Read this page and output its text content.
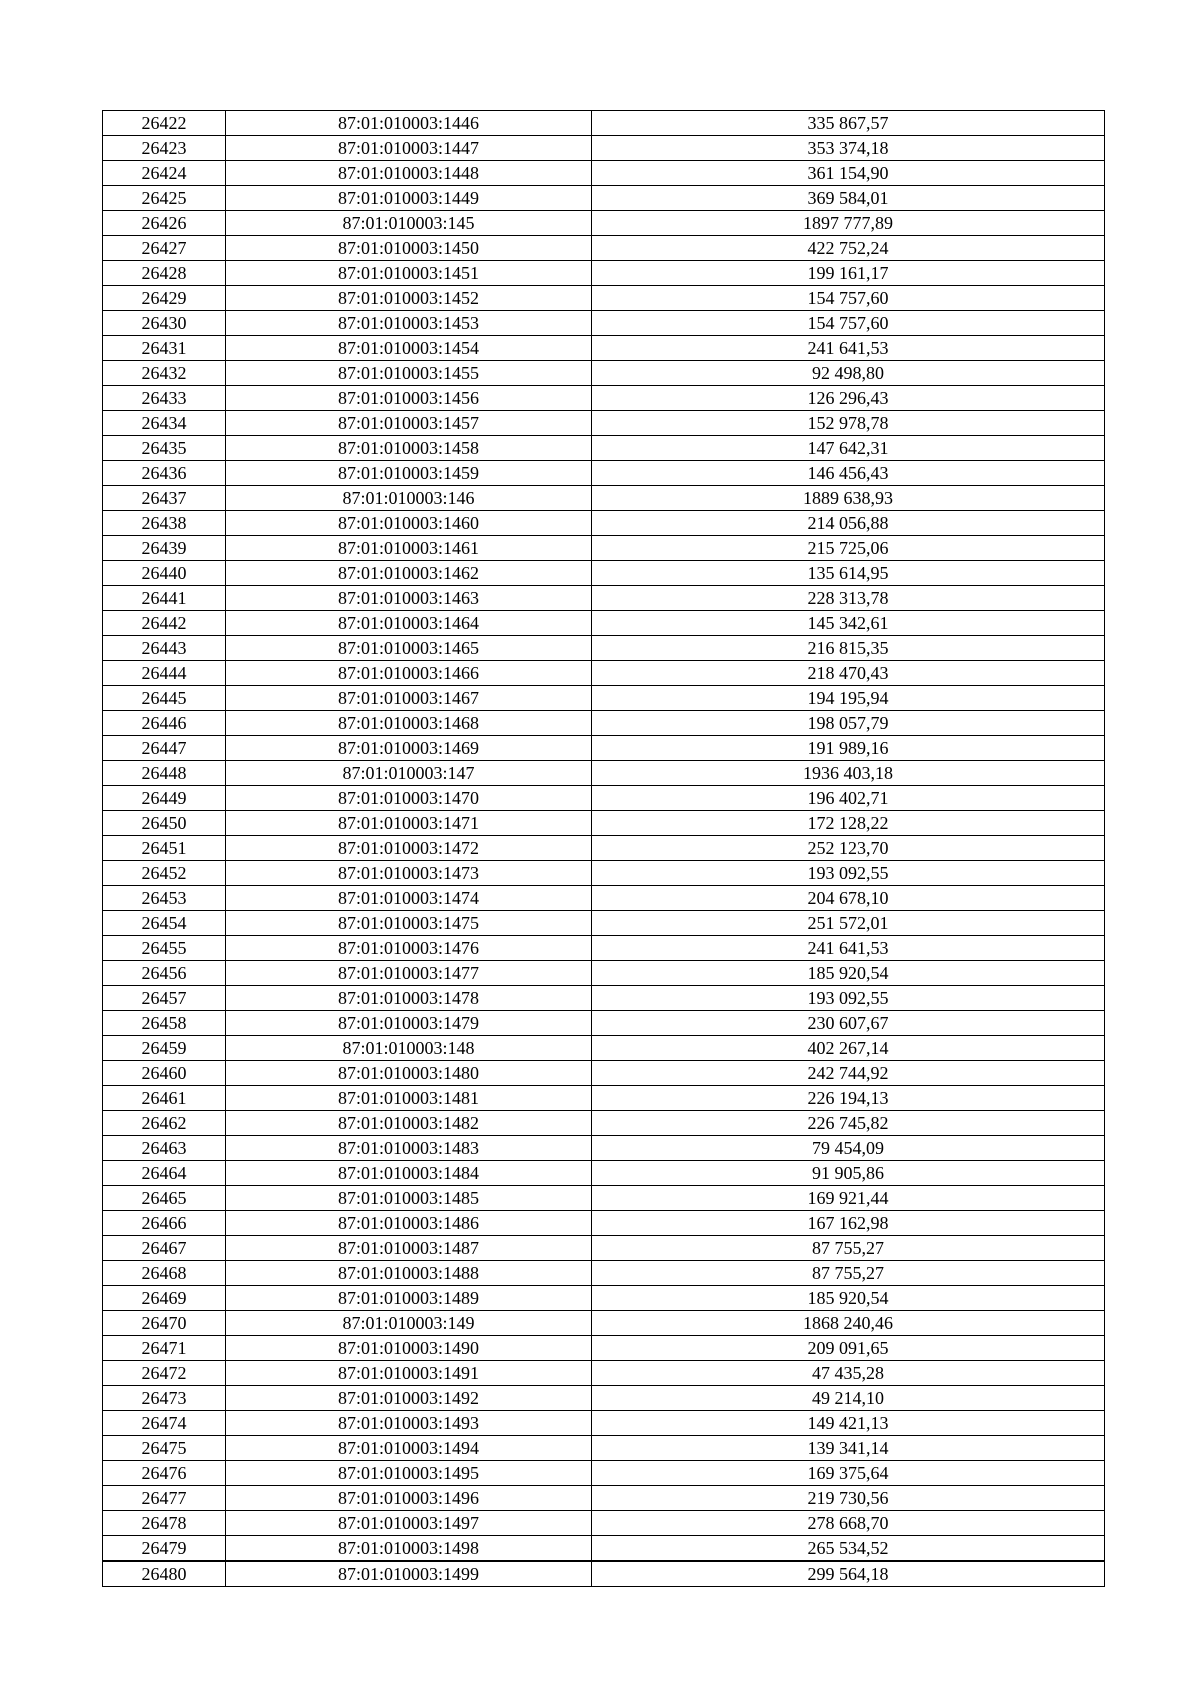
26422	87:01:010003:1446	335 867,57
26423	87:01:010003:1447	353 374,18
26424	87:01:010003:1448	361 154,90
26425	87:01:010003:1449	369 584,01
26426	87:01:010003:145	1897 777,89
26427	87:01:010003:1450	422 752,24
26428	87:01:010003:1451	199 161,17
26429	87:01:010003:1452	154 757,60
26430	87:01:010003:1453	154 757,60
26431	87:01:010003:1454	241 641,53
26432	87:01:010003:1455	92 498,80
26433	87:01:010003:1456	126 296,43
26434	87:01:010003:1457	152 978,78
26435	87:01:010003:1458	147 642,31
26436	87:01:010003:1459	146 456,43
26437	87:01:010003:146	1889 638,93
26438	87:01:010003:1460	214 056,88
26439	87:01:010003:1461	215 725,06
26440	87:01:010003:1462	135 614,95
26441	87:01:010003:1463	228 313,78
26442	87:01:010003:1464	145 342,61
26443	87:01:010003:1465	216 815,35
26444	87:01:010003:1466	218 470,43
26445	87:01:010003:1467	194 195,94
26446	87:01:010003:1468	198 057,79
26447	87:01:010003:1469	191 989,16
26448	87:01:010003:147	1936 403,18
26449	87:01:010003:1470	196 402,71
26450	87:01:010003:1471	172 128,22
26451	87:01:010003:1472	252 123,70
26452	87:01:010003:1473	193 092,55
26453	87:01:010003:1474	204 678,10
26454	87:01:010003:1475	251 572,01
26455	87:01:010003:1476	241 641,53
26456	87:01:010003:1477	185 920,54
26457	87:01:010003:1478	193 092,55
26458	87:01:010003:1479	230 607,67
26459	87:01:010003:148	402 267,14
26460	87:01:010003:1480	242 744,92
26461	87:01:010003:1481	226 194,13
26462	87:01:010003:1482	226 745,82
26463	87:01:010003:1483	79 454,09
26464	87:01:010003:1484	91 905,86
26465	87:01:010003:1485	169 921,44
26466	87:01:010003:1486	167 162,98
26467	87:01:010003:1487	87 755,27
26468	87:01:010003:1488	87 755,27
26469	87:01:010003:1489	185 920,54
26470	87:01:010003:149	1868 240,46
26471	87:01:010003:1490	209 091,65
26472	87:01:010003:1491	47 435,28
26473	87:01:010003:1492	49 214,10
26474	87:01:010003:1493	149 421,13
26475	87:01:010003:1494	139 341,14
26476	87:01:010003:1495	169 375,64
26477	87:01:010003:1496	219 730,56
26478	87:01:010003:1497	278 668,70
26479	87:01:010003:1498	265 534,52
26480	87:01:010003:1499	299 564,18
